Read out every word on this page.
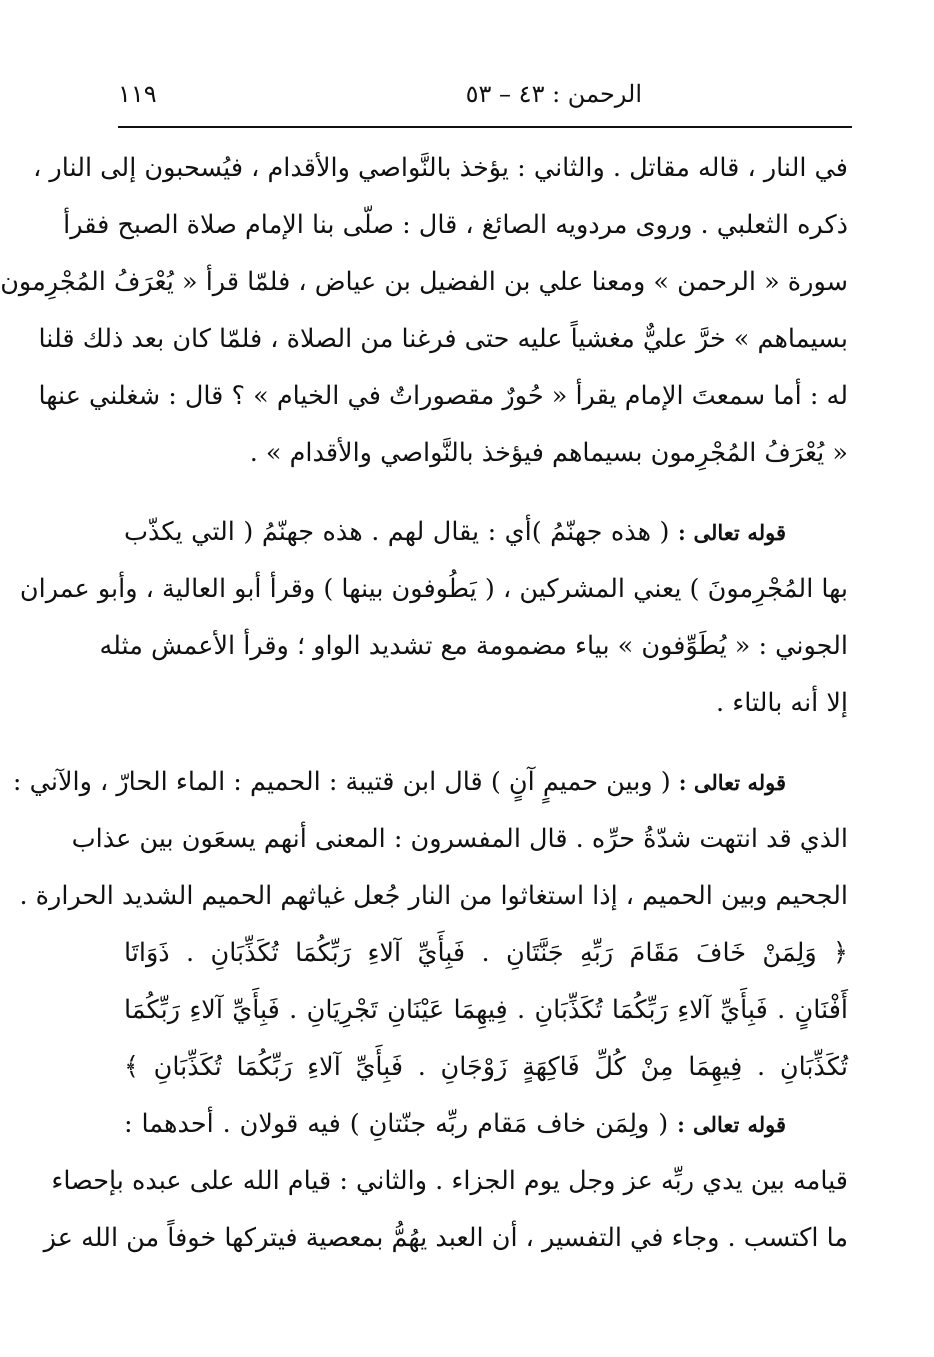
الرحمن : ٤٣ – ٥٣
١١٩
في النار ، قاله مقاتل . والثاني : يؤخذ بالنَّواصي والأقدام ، فيُسحبون إلى النار ،
ذكره الثعلبي . وروى مردويه الصائغ ، قال : صلّى بنا الإمام صلاة الصبح فقرأ
سورة « الرحمن » ومعنا علي بن الفضيل بن عياض ، فلمّا قرأ « يُعْرَفُ المُجْرِمون
بسيماهم » خرَّ عليٌّ مغشياً عليه حتى فرغنا من الصلاة ، فلمّا كان بعد ذلك قلنا
له : أما سمعتَ الإمام يقرأ « حُورٌ مقصوراتٌ في الخيام » ؟ قال : شغلني عنها
« يُعْرَفُ المُجْرِمون بسيماهم فيؤخذ بالنَّواصي والأقدام » .
قوله تعالى : ( هذه جهنّمُ )أي : يقال لهم . هذه جهنّمُ ( التي يكذّب
بها المُجْرِمونَ ) يعني المشركين ، ( يَطُوفون بينها ) وقرأ أبو العالية ، وأبو عمران
الجوني : « يُطَوِّفون » بياء مضمومة مع تشديد الواو ؛ وقرأ الأعمش مثله
إلا أنه بالتاء .
قوله تعالى : ( وبين حميمٍ آنٍ ) قال ابن قتيبة : الحميم : الماء الحارّ ، والآني :
الذي قد انتهت شدّةُ حرِّه . قال المفسرون : المعنى أنهم يسعَون بين عذاب
الجحيم وبين الحميم ، إذا استغاثوا من النار جُعل غياثهم الحميم الشديد الحرارة .
﴿ وَلِمَنْ خَافَ مَقَامَ رَبِّهِ جَنَّتَانِ . فَبِأَيِّ آلاءِ رَبِّكُمَا تُكَذِّبَانِ . ذَوَاتَا
أَفْنَانٍ . فَبِأَيِّ آلاءِ رَبِّكُمَا تُكَذِّبَانِ . فِيهِمَا عَيْنَانِ تَجْرِيَانِ . فَبِأَيِّ آلاءِ رَبِّكُمَا
تُكَذِّبَانِ . فِيهِمَا مِنْ كُلِّ فَاكِهَةٍ زَوْجَانِ . فَبِأَيِّ آلاءِ رَبِّكُمَا تُكَذِّبَانِ ﴾
قوله تعالى : ( ولِمَن خاف مَقام ربِّه جنّتانِ ) فيه قولان . أحدهما :
قيامه بين يدي ربِّه عز وجل يوم الجزاء . والثاني : قيام الله على عبده بإحصاء
ما اكتسب . وجاء في التفسير ، أن العبد يهُمُّ بمعصية فيتركها خوفاً من الله عز
